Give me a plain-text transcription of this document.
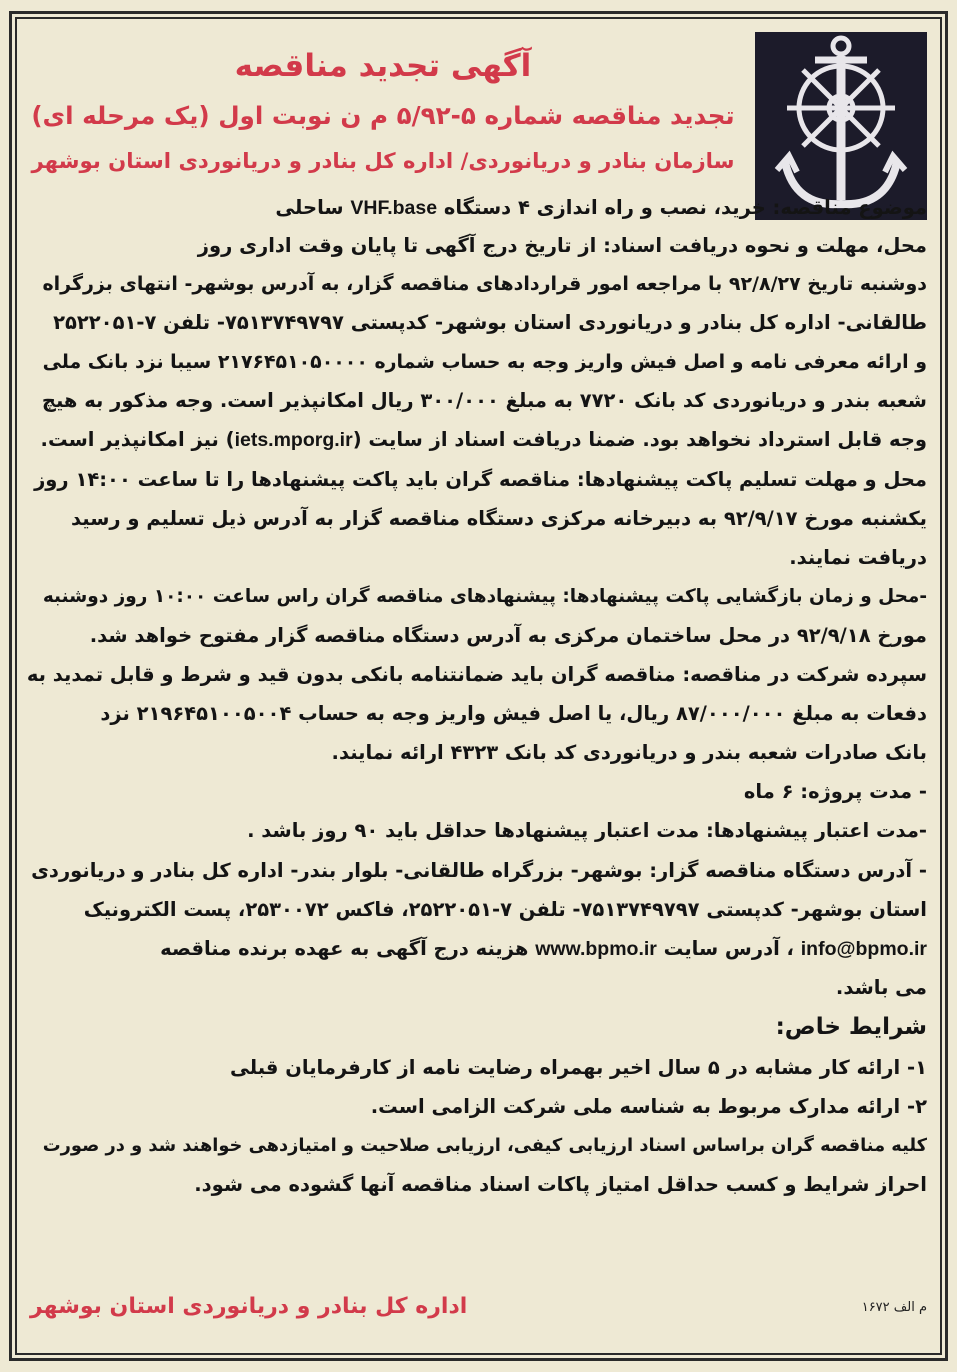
آگهی تجدید مناقصه
تجدید مناقصه شماره ۵-۵/۹۲ م ن نوبت اول (یک مرحله ای)
سازمان بنادر و دریانوردی/ اداره کل بنادر و دریانوردی استان بوشهر
موضوع مناقصه: خرید، نصب و راه اندازی ۴ دستگاه VHF.base ساحلی
محل، مهلت و نحوه دریافت اسناد: از تاریخ درج آگهی تا پایان وقت اداری روز
دوشنبه تاریخ ۹۲/۸/۲۷ با مراجعه امور قراردادهای مناقصه گزار، به آدرس بوشهر- انتهای بزرگراه
طالقانی- اداره کل بنادر و دریانوردی استان بوشهر- کدپستی ۷۵۱۳۷۴۹۷۹۷- تلفن ۷-۲۵۲۲۰۵۱
و ارائه معرفی نامه و اصل فیش واریز وجه به حساب شماره ۲۱۷۶۴۵۱۰۵۰۰۰۰ سیبا نزد بانک ملی
شعبه بندر و دریانوردی کد بانک ۷۷۲۰ به مبلغ ۳۰۰/۰۰۰ ریال امکانپذیر است. وجه مذکور به هیچ
وجه قابل استرداد نخواهد بود. ضمنا دریافت اسناد از سایت (iets.mporg.ir) نیز امکانپذیر است.
محل و مهلت تسلیم پاکت پیشنهادها: مناقصه گران باید پاکت پیشنهادها را تا ساعت ۱۴:۰۰ روز
یکشنبه مورخ ۹۲/۹/۱۷ به دبیرخانه مرکزی دستگاه مناقصه گزار به آدرس ذیل تسلیم و رسید
دریافت نمایند.
-محل و زمان بازگشایی پاکت پیشنهادها: پیشنهادهای مناقصه گران راس ساعت ۱۰:۰۰ روز دوشنبه
مورخ ۹۲/۹/۱۸ در محل ساختمان مرکزی به آدرس دستگاه مناقصه گزار مفتوح خواهد شد.
سپرده شرکت در مناقصه: مناقصه گران باید ضمانتنامه بانکی بدون قید و شرط و قابل تمدید به
دفعات به مبلغ ۸۷/۰۰۰/۰۰۰ ریال، یا اصل فیش واریز وجه به حساب ۲۱۹۶۴۵۱۰۰۵۰۰۴ نزد
بانک صادرات شعبه بندر و دریانوردی کد بانک ۴۳۲۳ ارائه نمایند.
- مدت پروژه: ۶ ماه
-مدت اعتبار پیشنهادها: مدت اعتبار پیشنهادها حداقل باید ۹۰ روز باشد .
- آدرس دستگاه مناقصه گزار: بوشهر- بزرگراه طالقانی- بلوار بندر- اداره کل بنادر و دریانوردی
استان بوشهر- کدپستی ۷۵۱۳۷۴۹۷۹۷- تلفن ۷-۲۵۲۲۰۵۱، فاکس ۲۵۳۰۰۷۲، پست الکترونیک
info@bpmo.ir ، آدرس سایت www.bpmo.ir هزینه درج آگهی به عهده برنده مناقصه
می باشد.
شرایط خاص:
۱- ارائه کار مشابه در ۵ سال اخیر بهمراه رضایت نامه از کارفرمایان قبلی
۲- ارائه مدارک مربوط به شناسه ملی شرکت الزامی است.
کلیه مناقصه گران براساس اسناد ارزیابی کیفی، ارزیابی صلاحیت و امتیازدهی خواهند شد و در صورت
احراز شرایط و کسب حداقل امتیاز پاکات اسناد مناقصه آنها گشوده می شود.
م الف ۱۶۷۲
اداره کل بنادر و دریانوردی استان بوشهر
